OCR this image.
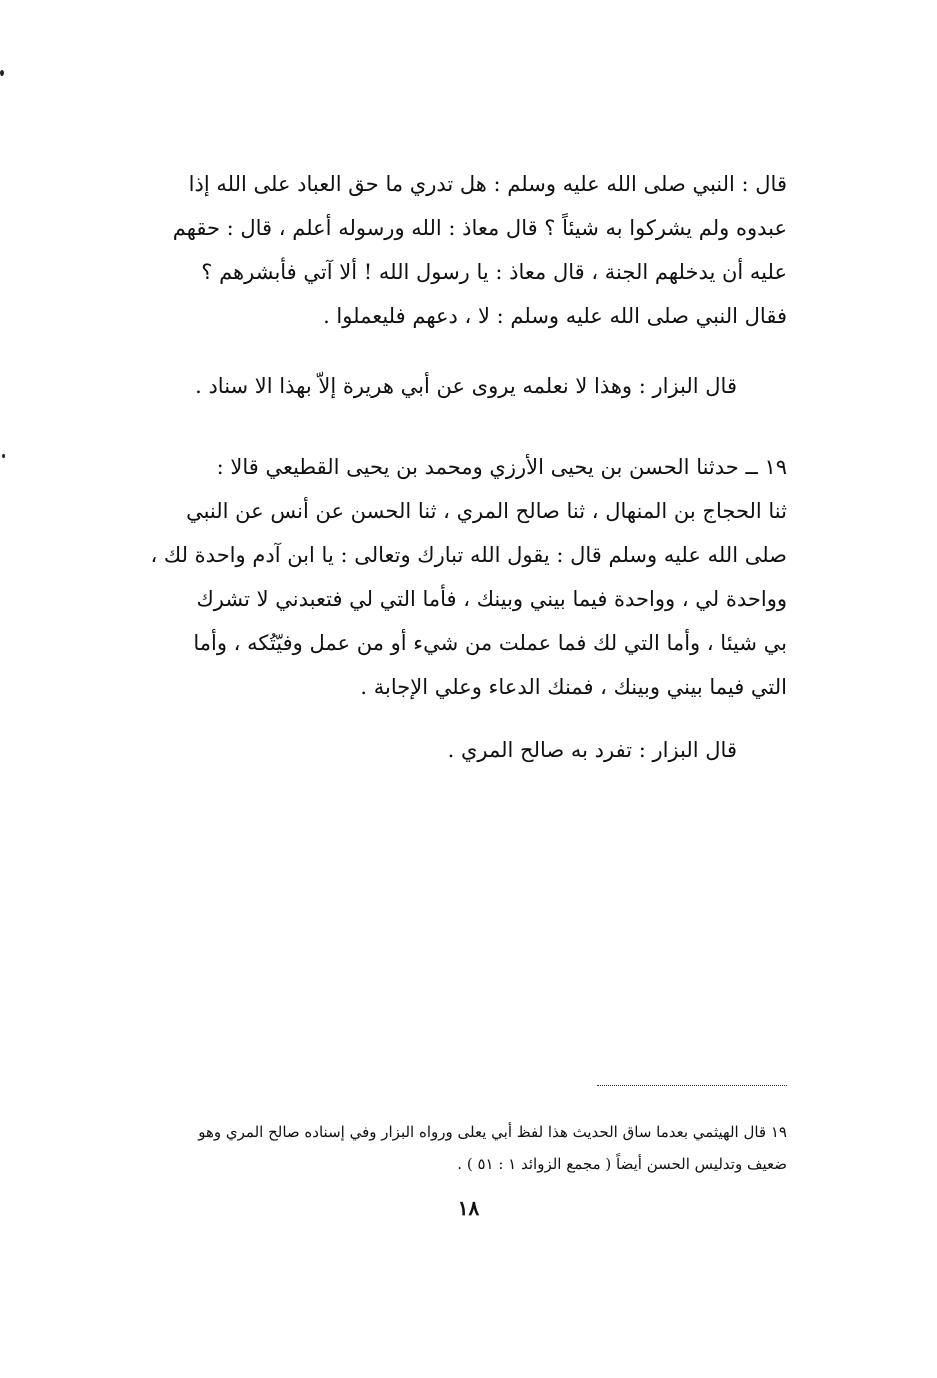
قال : النبي صلى الله عليه وسلم : هل تدري ما حق العباد على الله إذا
عبدوه ولم يشركوا به شيئاً ؟ قال معاذ : الله ورسوله أعلم ، قال : حقهم
عليه أن يدخلهم الجنة ، قال معاذ : يا رسول الله ! ألا آتي فأبشرهم ؟
فقال النبي صلى الله عليه وسلم : لا ، دعهم فليعملوا .
قال البزار : وهذا لا نعلمه يروى عن أبي هريرة إلاّ بهذا الا سناد .
١٩ ــ حدثنا الحسن بن يحيى الأرزي ومحمد بن يحيى القطيعي قالا :
ثنا الحجاج بن المنهال ، ثنا صالح المري ، ثنا الحسن عن أنس عن النبي
صلى الله عليه وسلم قال : يقول الله تبارك وتعالى : يا ابن آدم واحدة لك ،
وواحدة لي ، وواحدة فيما بيني وبينك ، فأما التي لي فتعبدني لا تشرك
بي شيئا ، وأما التي لك فما عملت من شيء أو من عمل وفيّتُكه ، وأما
التي فيما بيني وبينك ، فمنك الدعاء وعلي الإجابة .
قال البزار : تفرد به صالح المري .
١٩ قال الهيثمي بعدما ساق الحديث هذا لفظ أبي يعلى ورواه البزار وفي إسناده صالح المري وهو
ضعيف وتدليس الحسن أيضاً ( مجمع الزوائد ١ : ٥١ ) .
١٨
